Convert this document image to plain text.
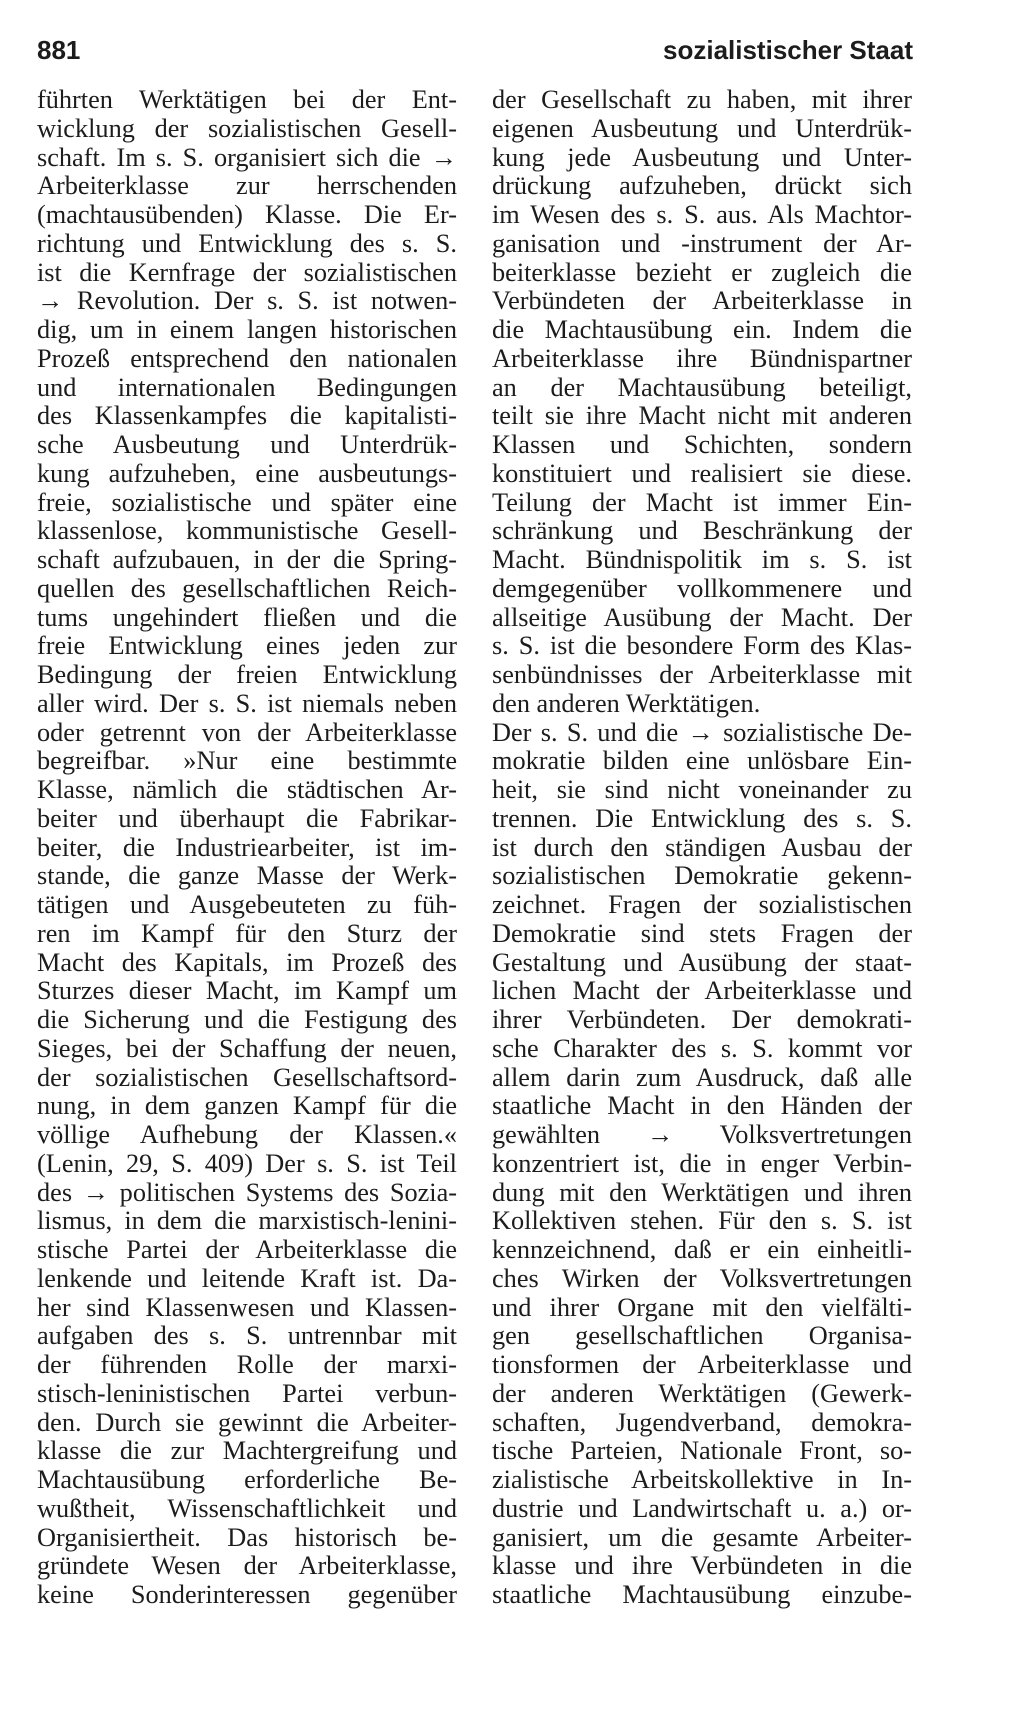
881	sozialistischer Staat
führten Werktätigen bei der Ent-
wicklung der sozialistischen Gesell-
schaft. Im s. S. organisiert sich die →
Arbeiterklasse zur herrschenden
(machtausübenden) Klasse. Die Er-
richtung und Entwicklung des s. S.
ist die Kernfrage der sozialistischen
→ Revolution. Der s. S. ist notwen-
dig, um in einem langen historischen
Prozeß entsprechend den nationalen
und internationalen Bedingungen
des Klassenkampfes die kapitalisti-
sche Ausbeutung und Unterdrük-
kung aufzuheben, eine ausbeutungs-
freie, sozialistische und später eine
klassenlose, kommunistische Gesell-
schaft aufzubauen, in der die Spring-
quellen des gesellschaftlichen Reich-
tums ungehindert fließen und die
freie Entwicklung eines jeden zur
Bedingung der freien Entwicklung
aller wird. Der s. S. ist niemals neben
oder getrennt von der Arbeiterklasse
begreifbar. »Nur eine bestimmte
Klasse, nämlich die städtischen Ar-
beiter und überhaupt die Fabrikar-
beiter, die Industriearbeiter, ist im-
stande, die ganze Masse der Werk-
tätigen und Ausgebeuteten zu füh-
ren im Kampf für den Sturz der
Macht des Kapitals, im Prozeß des
Sturzes dieser Macht, im Kampf um
die Sicherung und die Festigung des
Sieges, bei der Schaffung der neuen,
der sozialistischen Gesellschaftsord-
nung, in dem ganzen Kampf für die
völlige Aufhebung der Klassen.«
(Lenin, 29, S. 409) Der s. S. ist Teil
des → politischen Systems des Sozia-
lismus, in dem die marxistisch-lenini-
stische Partei der Arbeiterklasse die
lenkende und leitende Kraft ist. Da-
her sind Klassenwesen und Klassen-
aufgaben des s. S. untrennbar mit
der führenden Rolle der marxi-
stisch-leninistischen Partei verbun-
den. Durch sie gewinnt die Arbeiter-
klasse die zur Machtergreifung und
Machtausübung erforderliche Be-
wußtheit, Wissenschaftlichkeit und
Organisiertheit. Das historisch be-
gründete Wesen der Arbeiterklasse,
keine Sonderinteressen gegenüber
der Gesellschaft zu haben, mit ihrer
eigenen Ausbeutung und Unterdrük-
kung jede Ausbeutung und Unter-
drückung aufzuheben, drückt sich
im Wesen des s. S. aus. Als Machtor-
ganisation und -instrument der Ar-
beiterklasse bezieht er zugleich die
Verbündeten der Arbeiterklasse in
die Machtausübung ein. Indem die
Arbeiterklasse ihre Bündnispartner
an der Machtausübung beteiligt,
teilt sie ihre Macht nicht mit anderen
Klassen und Schichten, sondern
konstituiert und realisiert sie diese.
Teilung der Macht ist immer Ein-
schränkung und Beschränkung der
Macht. Bündnispolitik im s. S. ist
demgegenüber vollkommenere und
allseitige Ausübung der Macht. Der
s. S. ist die besondere Form des Klas-
senbündnisses der Arbeiterklasse mit
den anderen Werktätigen.
Der s. S. und die → sozialistische De-
mokratie bilden eine unlösbare Ein-
heit, sie sind nicht voneinander zu
trennen. Die Entwicklung des s. S.
ist durch den ständigen Ausbau der
sozialistischen Demokratie gekenn-
zeichnet. Fragen der sozialistischen
Demokratie sind stets Fragen der
Gestaltung und Ausübung der staat-
lichen Macht der Arbeiterklasse und
ihrer Verbündeten. Der demokrati-
sche Charakter des s. S. kommt vor
allem darin zum Ausdruck, daß alle
staatliche Macht in den Händen der
gewählten → Volksvertretungen
konzentriert ist, die in enger Verbin-
dung mit den Werktätigen und ihren
Kollektiven stehen. Für den s. S. ist
kennzeichnend, daß er ein einheitli-
ches Wirken der Volksvertretungen
und ihrer Organe mit den vielfälti-
gen gesellschaftlichen Organisa-
tionsformen der Arbeiterklasse und
der anderen Werktätigen (Gewerk-
schaften, Jugendverband, demokra-
tische Parteien, Nationale Front, so-
zialistische Arbeitskollektive in In-
dustrie und Landwirtschaft u. a.) or-
ganisiert, um die gesamte Arbeiter-
klasse und ihre Verbündeten in die
staatliche Machtausübung einzube-
